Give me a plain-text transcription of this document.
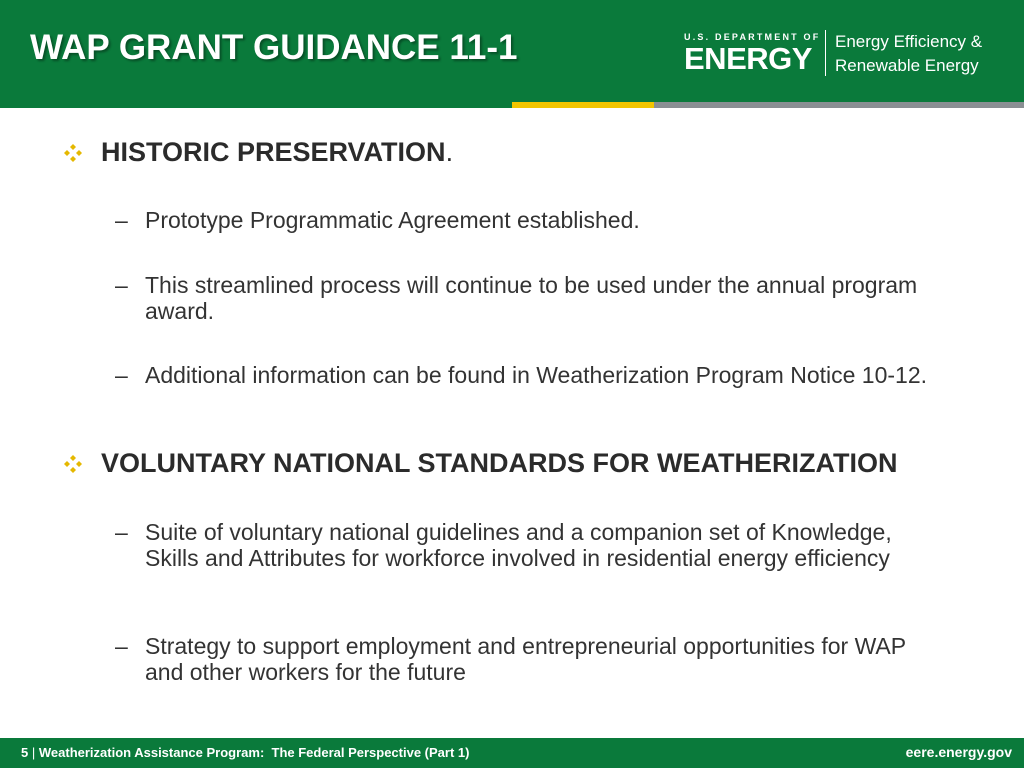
WAP GRANT GUIDANCE 11-1	U.S. DEPARTMENT OF
ENERGY Energy Efficiency &
Renewable Energy
HISTORIC PRESERVATION.
– Prototype Programmatic Agreement established.
– This streamlined process will continue to be used under the annual program award.
– Additional information can be found in Weatherization Program Notice 10-12.
VOLUNTARY NATIONAL STANDARDS FOR WEATHERIZATION
– Suite of voluntary national guidelines and a companion set of Knowledge, Skills and Attributes for workforce involved in residential energy efficiency
– Strategy to support employment and entrepreneurial opportunities for WAP and other workers for the future
5 | Weatherization Assistance Program:  The Federal Perspective (Part 1)	eere.energy.gov
